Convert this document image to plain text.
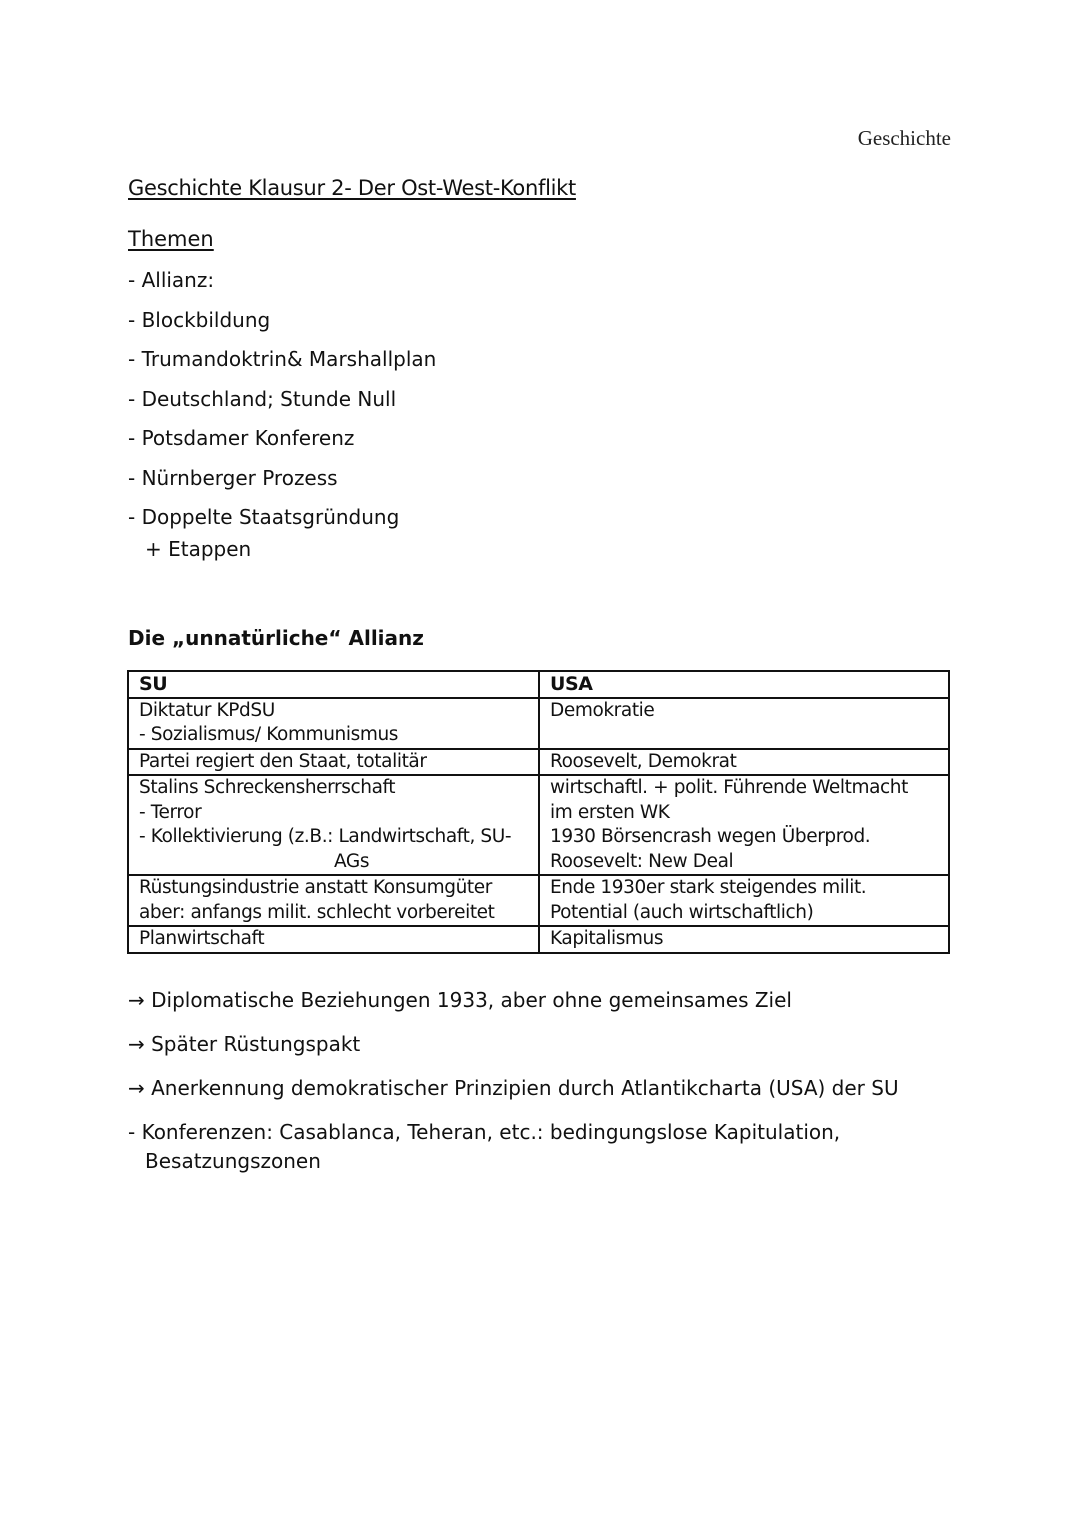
Geschichte
Geschichte Klausur 2- Der Ost-West-Konflikt
Themen
- Allianz:
- Blockbildung
- Trumandoktrin& Marshallplan
- Deutschland; Stunde Null
- Potsdamer Konferenz
- Nürnberger Prozess
- Doppelte Staatsgründung
+ Etappen
Die „unnatürliche“ Allianz
SU	USA

Diktatur KPdSU
- Sozialismus/ Kommunismus	Demokratie

Partei regiert den Staat, totalitär	Roosevelt, Demokrat

Stalins Schreckensherrschaft
- Terror
- Kollektivierung (z.B.: Landwirtschaft, SU-
AGs	wirtschaftl. + polit. Führende Weltmacht
im ersten WK
1930 Börsencrash wegen Überprod.
Roosevelt: New Deal

Rüstungsindustrie anstatt Konsumgüter
aber: anfangs milit. schlecht vorbereitet	Ende 1930er stark steigendes milit.
Potential (auch wirtschaftlich)

Planwirtschaft	Kapitalismus
→ Diplomatische Beziehungen 1933, aber ohne gemeinsames Ziel
→ Später Rüstungspakt
→ Anerkennung demokratischer Prinzipien durch Atlantikcharta (USA) der SU
- Konferenzen: Casablanca, Teheran, etc.: bedingungslose Kapitulation,
Besatzungszonen
